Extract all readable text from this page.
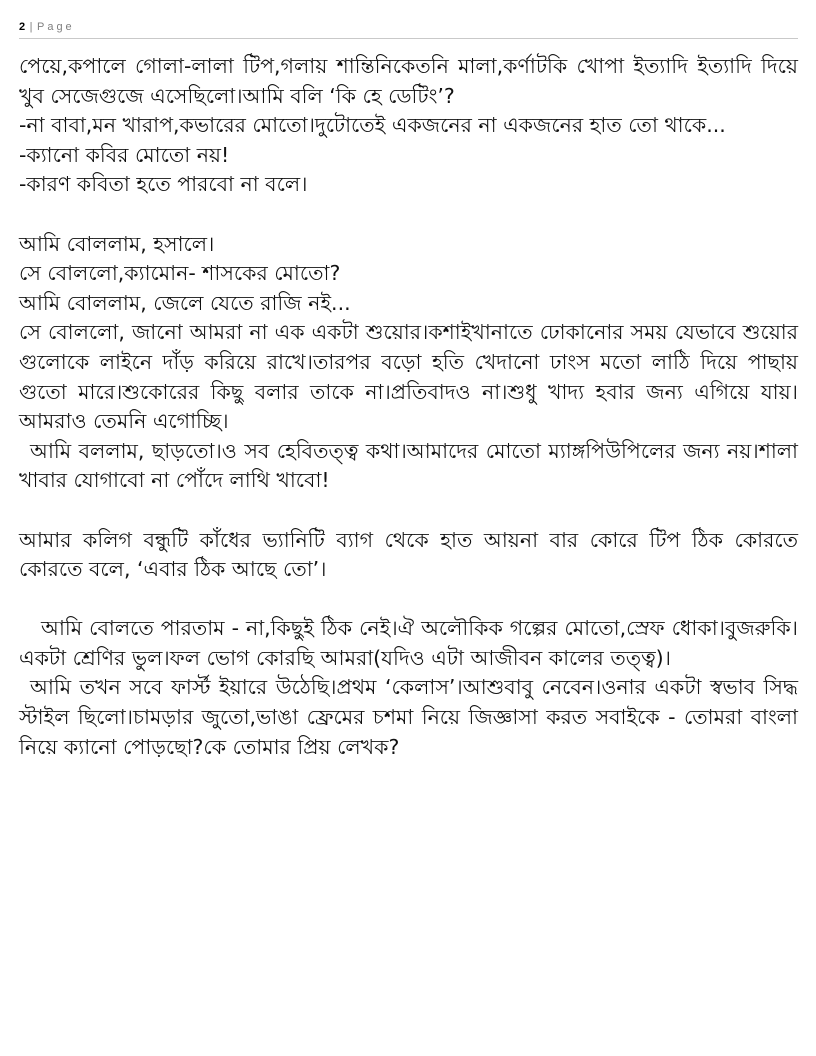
2 | Page

পেয়ে,কপালে গোলা-লালা টিপ,গলায় শান্তিনিকেতনি মালা,কর্ণাটকি খোপা ইত্যাদি ইত্যাদি দিয়ে খুব সেজেগুজে এসেছিলো।আমি বলি ‘কি হে ডেটিং’?

-না বাবা,মন খারাপ,কভারের মোতো।দুটোতেই একজনের না একজনের হাত তো থাকে...

-ক্যানো কবির মোতো নয়!

-কারণ কবিতা হতে পারবো না বলে।

আমি বোললাম, হসালে।

সে বোললো,ক্যামোন- শাসকের মোতো?

আমি বোললাম, জেলে যেতে রাজি নই...

সে বোললো, জানো আমরা না এক একটা শুয়োর।কশাইখানাতে ঢোকানোর সময় যেভাবে শুয়োর গুলোকে লাইনে দাঁড় করিয়ে রাখে।তারপর বড়ো হতি খেদানো ঢাংস মতো লাঠি দিয়ে পাছায় গুতো মারে।শুকোরের কিছু বলার তাকে না।প্রতিবাদও না।শুধু খাদ্য হবার জন্য এগিয়ে যায়।আমরাও তেমনি এগোচ্ছি।

আমি বললাম, ছাড়তো।ও সব হেবিতত্ত্ব কথা।আমাদের মোতো ম্যাঙ্গপিউপিলের জন্য নয়।শালা খাবার যোগাবো না পোঁদে লাথি খাবো!

আমার কলিগ বন্ধুটি কাঁধের ভ্যানিটি ব্যাগ থেকে হাত আয়না বার কোরে টিপ ঠিক কোরতে কোরতে বলে, ‘এবার ঠিক আছে তো’।

আমি বোলতে পারতাম - না,কিছুই ঠিক নেই।ঐ অলৌকিক গল্পের মোতো,স্রেফ ধোকা।বুজরুকি।একটা শ্রেণির ভুল।ফল ভোগ কোরছি আমরা(যদিও এটা আজীবন কালের তত্ত্ব)।

আমি তখন সবে ফার্স্ট ইয়ারে উঠেছি।প্রথম ‘কেলাস’।আশুবাবু নেবেন।ওনার একটা স্বভাব সিদ্ধ স্টাইল ছিলো।চামড়ার জুতো,ভাঙা ফ্রেমের চশমা নিয়ে জিজ্ঞাসা করত সবাইকে - তোমরা বাংলা নিয়ে ক্যানো পোড়ছো?কে তোমার প্রিয় লেখক?
